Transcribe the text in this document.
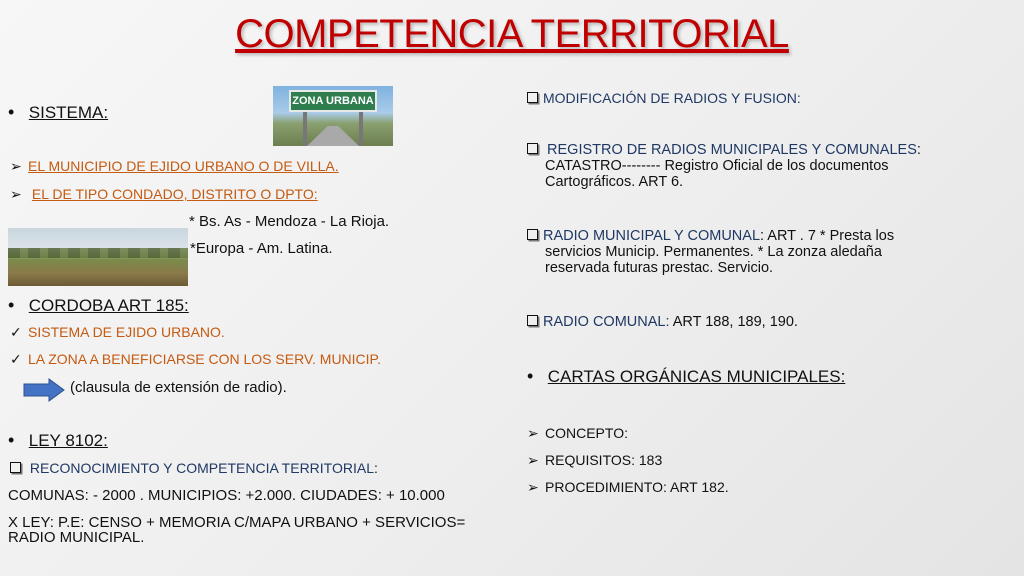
COMPETENCIA TERRITORIAL
ZONA URBANA
•   SISTEMA:
➢ EL MUNICIPIO DE EJIDO URBANO O DE VILLA.
➢ EL DE TIPO CONDADO, DISTRITO O DPTO:
* Bs. As - Mendoza - La Rioja.
*Europa - Am. Latina.
•   CORDOBA ART 185:
✓ SISTEMA DE EJIDO URBANO.
✓ LA ZONA A BENEFICIARSE CON LOS SERV. MUNICIP.
(clausula de extensión de radio).
•   LEY 8102:
RECONOCIMIENTO Y COMPETENCIA TERRITORIAL:
COMUNAS: - 2000 . MUNICIPIOS: +2.000. CIUDADES: + 10.000
X LEY: P.E: CENSO + MEMORIA C/MAPA URBANO + SERVICIOS=
RADIO MUNICIPAL.
MODIFICACIÓN DE RADIOS Y FUSION:
REGISTRO DE RADIOS MUNICIPALES Y COMUNALES:
CATASTRO-------- Registro Oficial de los documentos
Cartográficos. ART 6.
RADIO MUNICIPAL Y COMUNAL: ART . 7 * Presta los
servicios Municip. Permanentes. * La zonza aledaña
reservada futuras prestac. Servicio.
RADIO COMUNAL: ART 188, 189, 190.
•   CARTAS ORGÁNICAS MUNICIPALES:
➢ CONCEPTO:
➢ REQUISITOS: 183
➢ PROCEDIMIENTO: ART 182.
